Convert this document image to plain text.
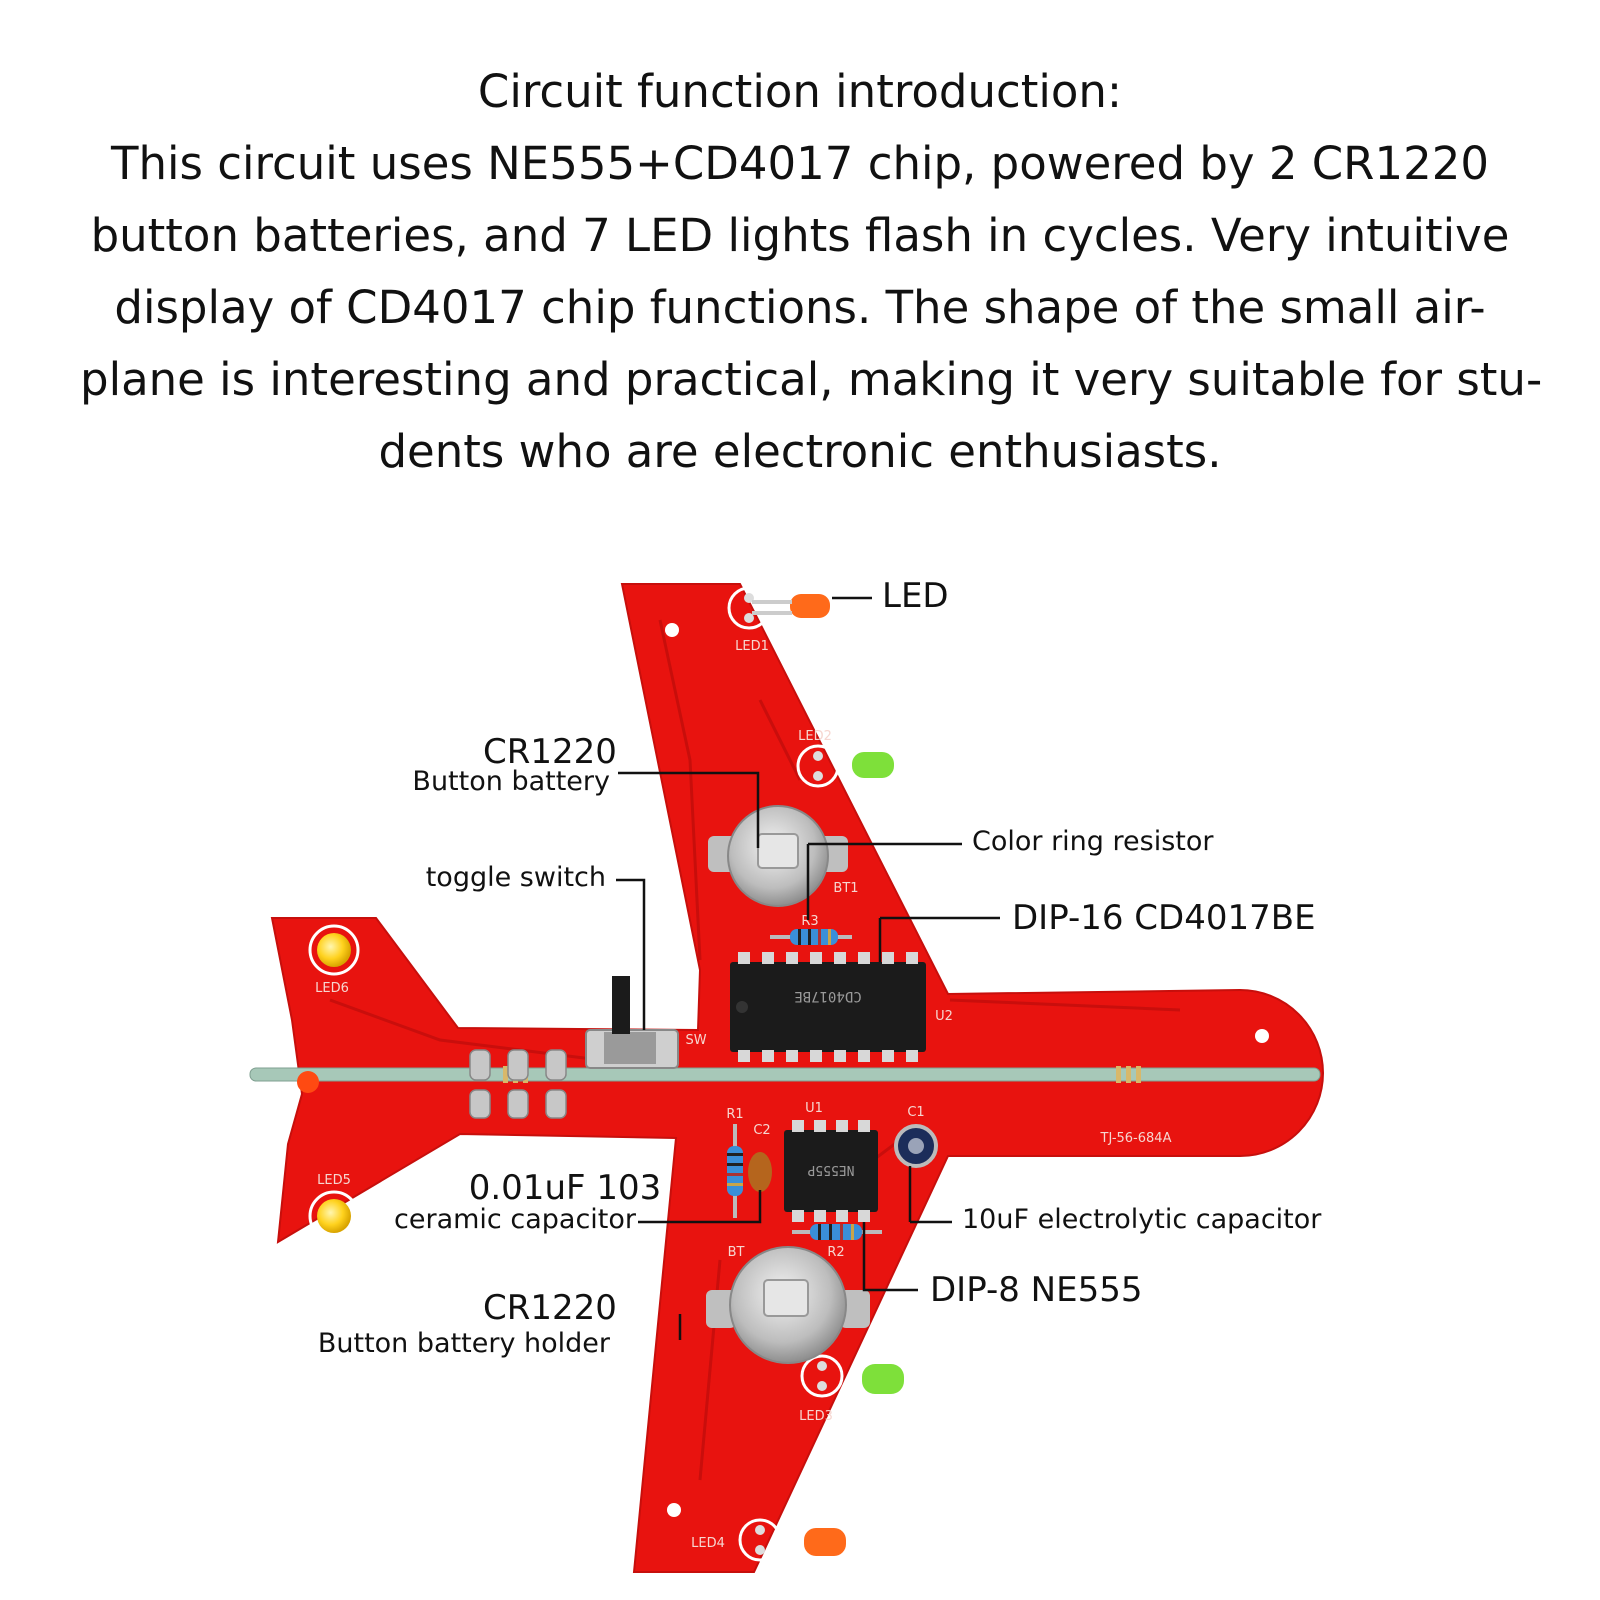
Circuit function introduction:
This circuit uses NE555+CD4017 chip, powered by 2 CR1220
button batteries, and 7 LED lights flash in cycles. Very intuitive
display of CD4017 chip functions. The shape of the small air-
plane is interesting and practical, making it very suitable for stu-
dents who are electronic enthusiasts.
CD4017BE
NE555P
LED1
LED2
LED3
LED4
LED5
LED6
R1
R2
R3
C1
C2
U1
U2
SW
BT1
BT
TJ-56-684A
LED
CR1220
Button battery
Color ring resistor
toggle switch
DIP-16 CD4017BE
0.01uF 103
ceramic capacitor	10uF electrolytic capacitor
DIP-8 NE555
CR1220
Button battery holder
